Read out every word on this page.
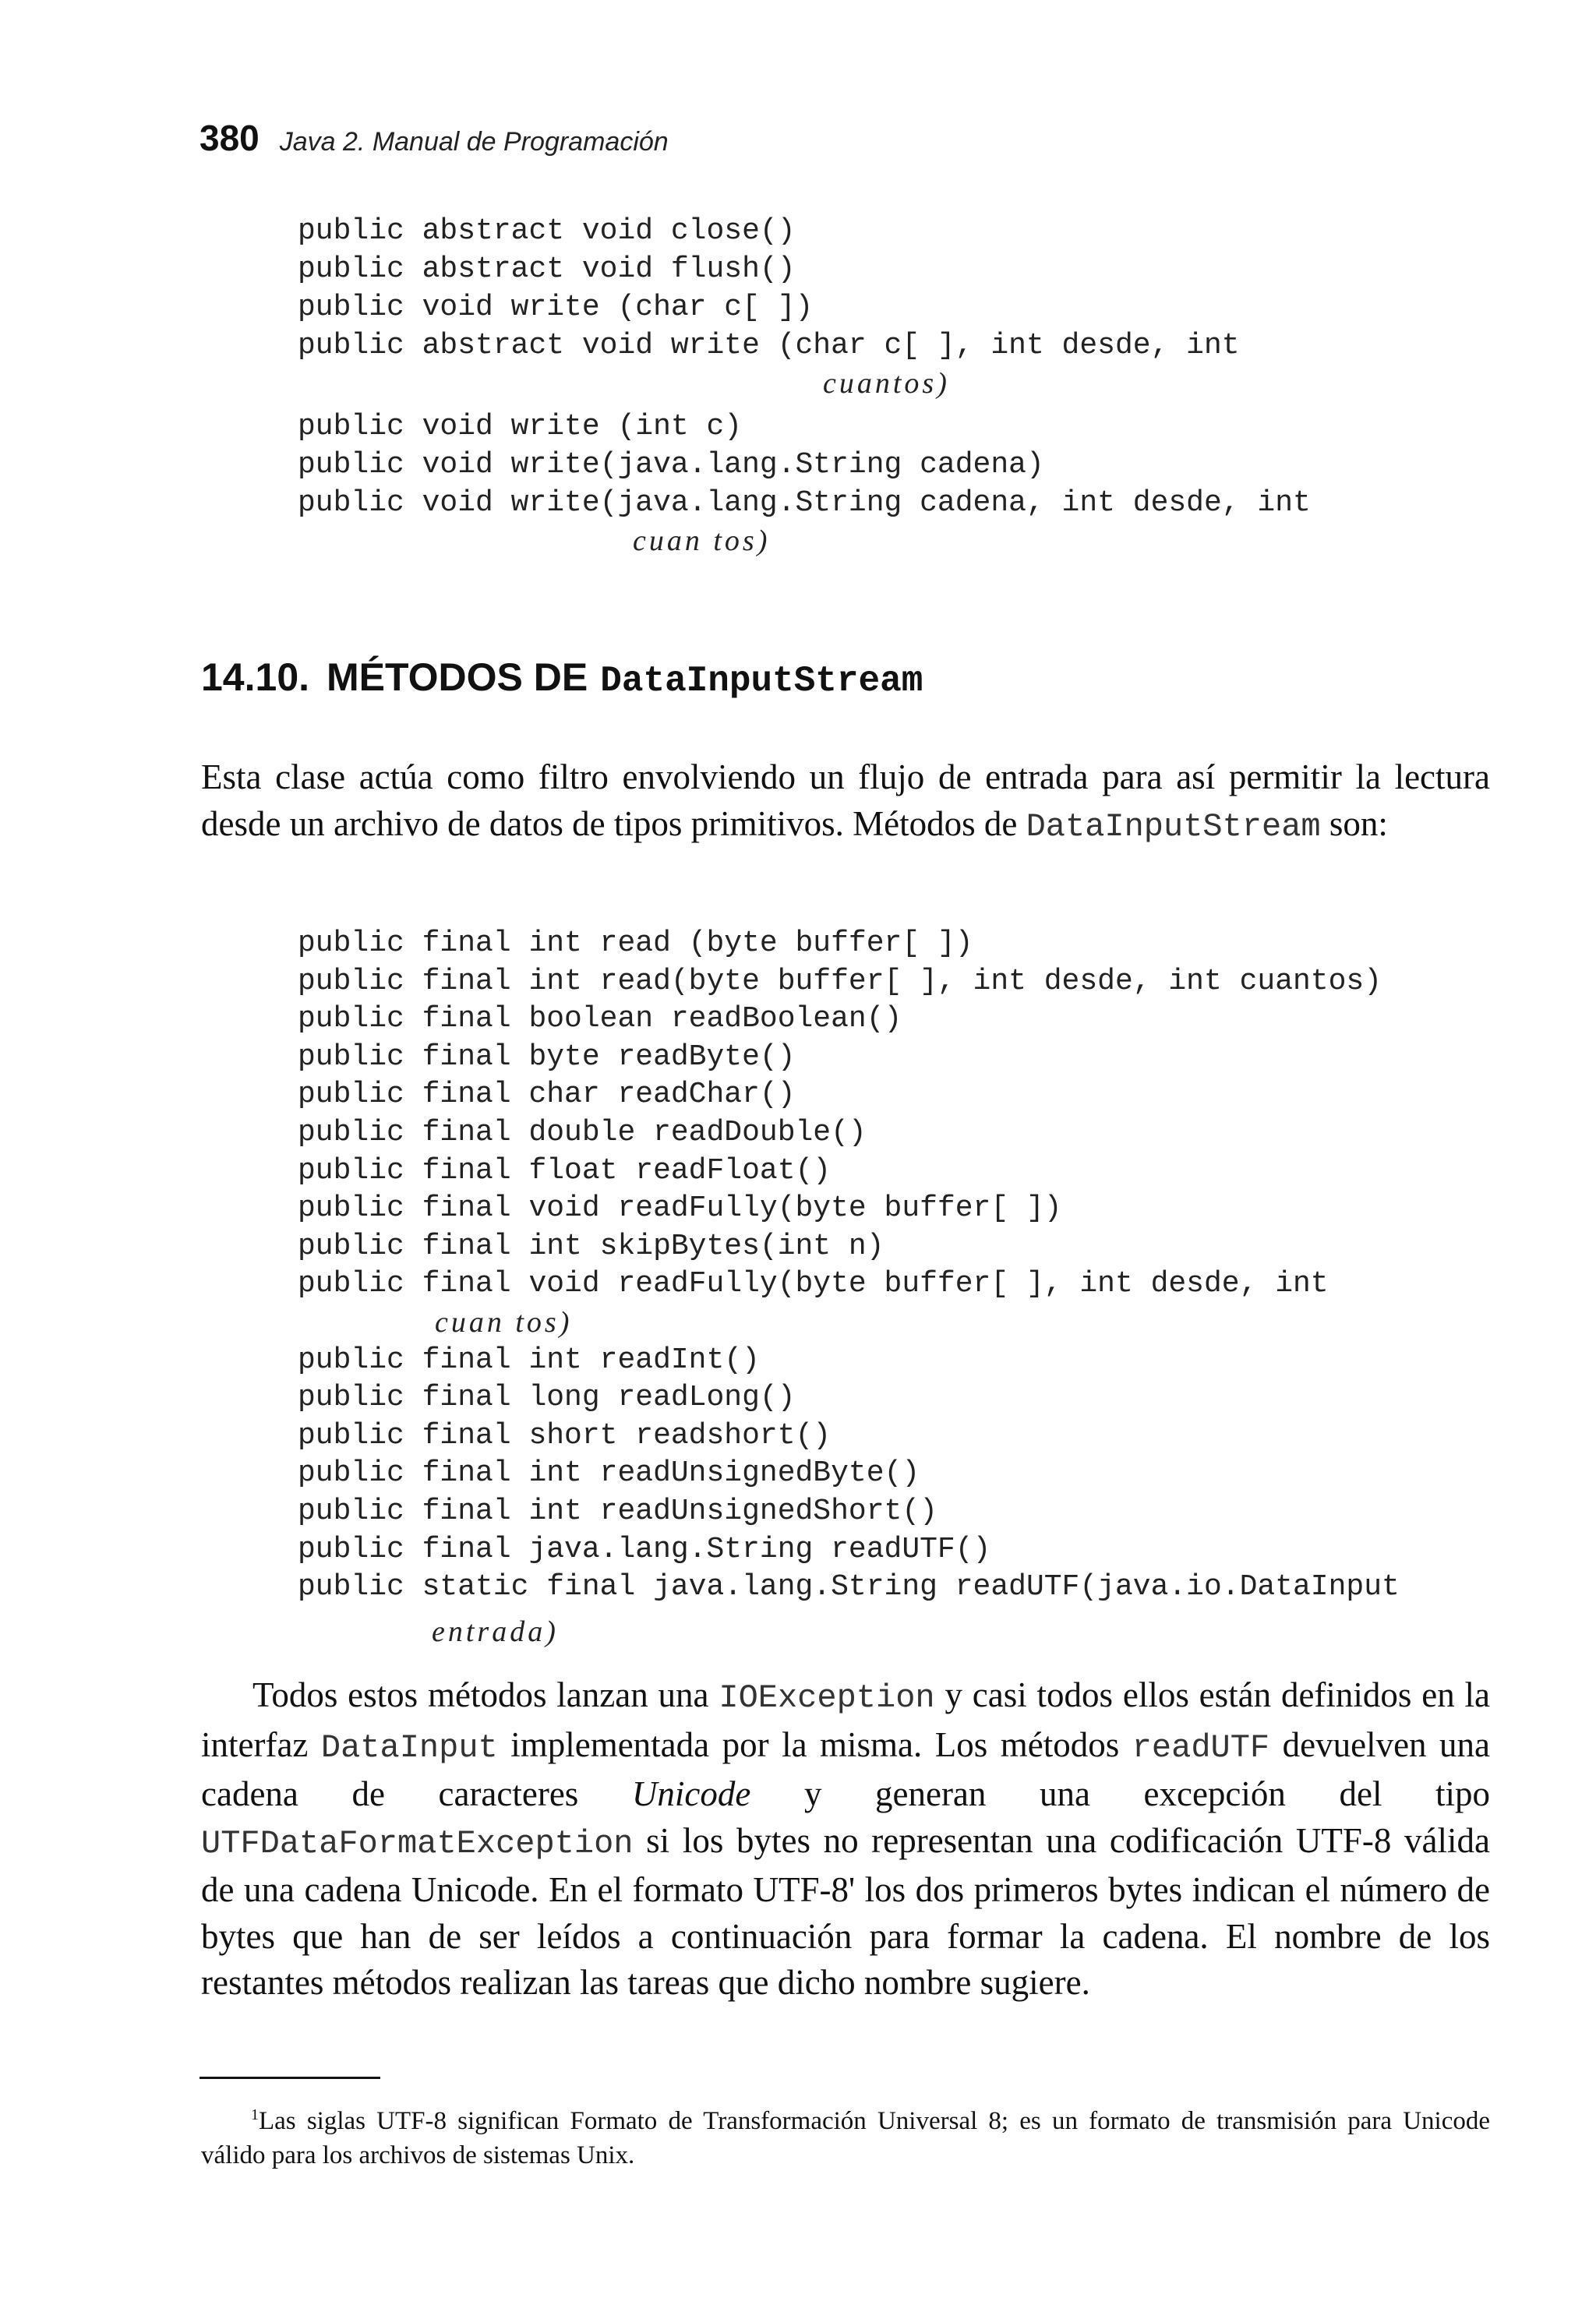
380 Java 2. Manual de Programación
public abstract void close()
public abstract void flush()
public void write (char c[ ])
public abstract void write (char c[ ], int desde, int
cuantos)
public void write (int c)
public void write(java.lang.String cadena)
public void write(java.lang.String cadena, int desde, int
cuan tos)
14.10. MÉTODOS DE DataInputStream

Esta clase actúa como filtro envolviendo un flujo de entrada para así permitir la lectura desde un archivo de datos de tipos primitivos. Métodos de DataInputStream son:

public final int read (byte buffer[ ])
public final int read(byte buffer[ ], int desde, int cuantos)
public final boolean readBoolean()
public final byte readByte()
public final char readChar()
public final double readDouble()
public final float readFloat()
public final void readFully(byte buffer[ ])
public final int skipBytes(int n)
public final void readFully(byte buffer[ ], int desde, int
cuan tos)
public final int readInt()
public final long readLong()
public final short readshort()
public final int readUnsignedByte()
public final int readUnsignedShort()
public final java.lang.String readUTF()
public static final java.lang.String readUTF(java.io.DataInput
entrada)

Todos estos métodos lanzan una IOException y casi todos ellos están definidos en la interfaz DataInput implementada por la misma. Los métodos readUTF devuelven una cadena de caracteres Unicode y generan una excepción del tipo UTFDataFormatException si los bytes no representan una codificación UTF-8 válida de una cadena Unicode. En el formato UTF-8' los dos primeros bytes indican el número de bytes que han de ser leídos a continuación para formar la cadena. El nombre de los restantes métodos realizan las tareas que dicho nombre sugiere.

$^1$Las siglas UTF-8 significan Formato de Transformación Universal 8; es un formato de transmisión para Unicode válido para los archivos de sistemas Unix.
